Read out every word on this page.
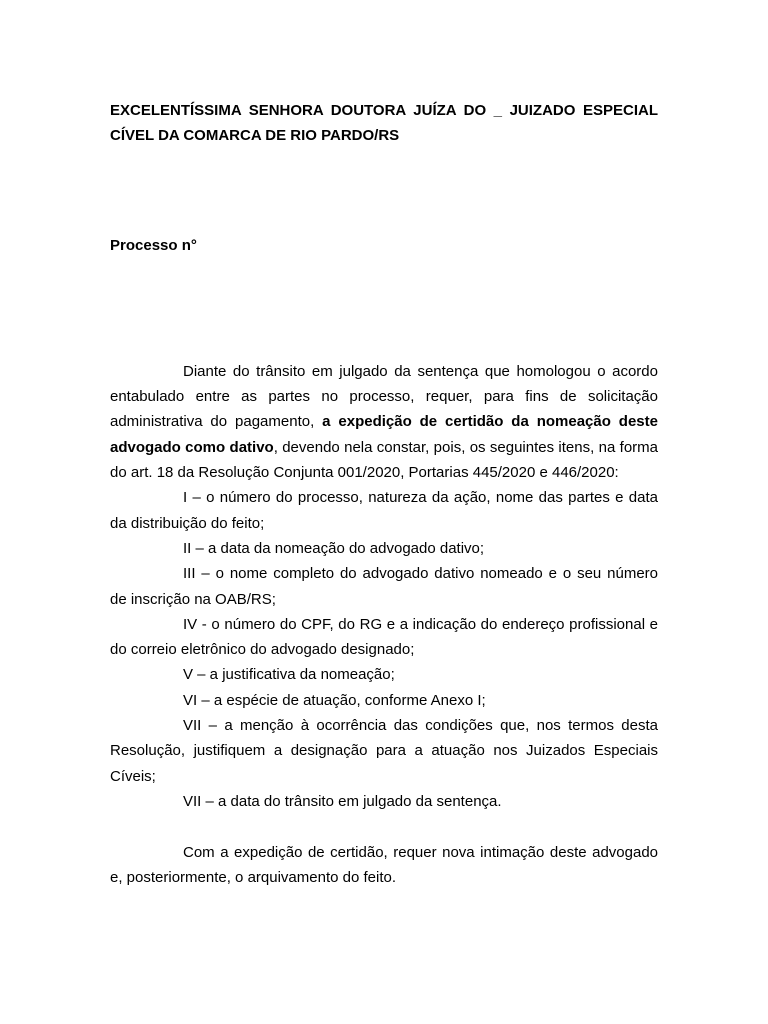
EXCELENTÍSSIMA SENHORA DOUTORA JUÍZA DO _ JUIZADO ESPECIAL
CÍVEL DA COMARCA DE RIO PARDO/RS

Processo n°

Diante do trânsito em julgado da sentença que homologou o acordo entabulado entre as partes no processo, requer, para fins de solicitação administrativa do pagamento, a expedição de certidão da nomeação deste advogado como dativo, devendo nela constar, pois, os seguintes itens, na forma do art. 18 da Resolução Conjunta 001/2020, Portarias 445/2020 e 446/2020:

I – o número do processo, natureza da ação, nome das partes e data da distribuição do feito;

II – a data da nomeação do advogado dativo;

III – o nome completo do advogado dativo nomeado e o seu número de inscrição na OAB/RS;

IV - o número do CPF, do RG e a indicação do endereço profissional e do correio eletrônico do advogado designado;

V – a justificativa da nomeação;

VI – a espécie de atuação, conforme Anexo I;

VII – a menção à ocorrência das condições que, nos termos desta Resolução, justifiquem a designação para a atuação nos Juizados Especiais Cíveis;

VII – a data do trânsito em julgado da sentença.

Com a expedição de certidão, requer nova intimação deste advogado e, posteriormente, o arquivamento do feito.
